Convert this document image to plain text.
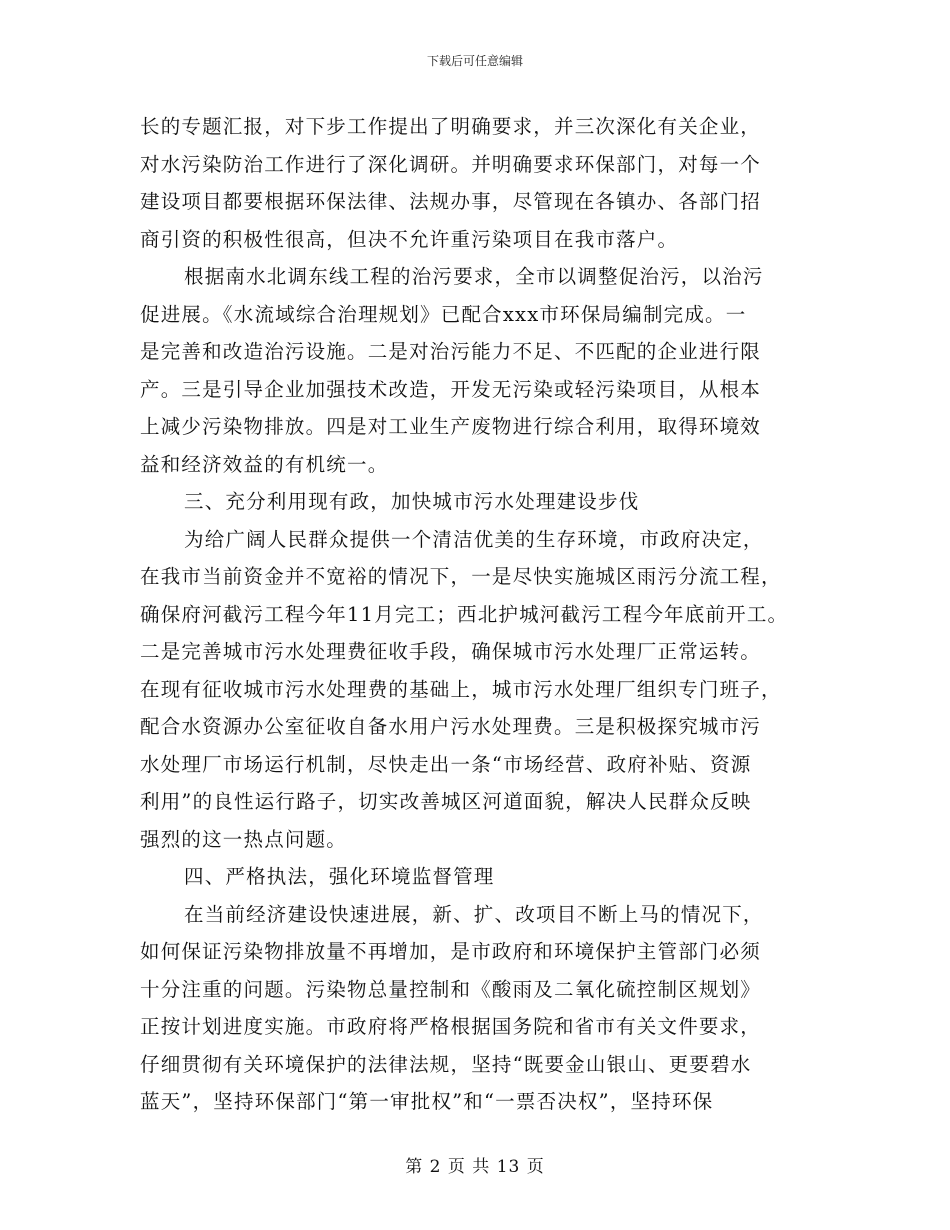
下载后可任意编辑
长的专题汇报，对下步工作提出了明确要求，并三次深化有关企业，
对水污染防治工作进行了深化调研。并明确要求环保部门，对每一个
建设项目都要根据环保法律、法规办事，尽管现在各镇办、各部门招
商引资的积极性很高，但决不允许重污染项目在我市落户。
根据南水北调东线工程的治污要求，全市以调整促治污，以治污
促进展。《水流域综合治理规划》已配合xxx市环保局编制完成。一
是完善和改造治污设施。二是对治污能力不足、不匹配的企业进行限
产。三是引导企业加强技术改造，开发无污染或轻污染项目，从根本
上减少污染物排放。四是对工业生产废物进行综合利用，取得环境效
益和经济效益的有机统一。
三、充分利用现有政，加快城市污水处理建设步伐
为给广阔人民群众提供一个清洁优美的生存环境，市政府决定，
在我市当前资金并不宽裕的情况下，一是尽快实施城区雨污分流工程，
确保府河截污工程今年11月完工；西北护城河截污工程今年底前开工。
二是完善城市污水处理费征收手段，确保城市污水处理厂正常运转。
在现有征收城市污水处理费的基础上，城市污水处理厂组织专门班子，
配合水资源办公室征收自备水用户污水处理费。三是积极探究城市污
水处理厂市场运行机制，尽快走出一条“市场经营、政府补贴、资源
利用”的良性运行路子，切实改善城区河道面貌，解决人民群众反映
强烈的这一热点问题。
四、严格执法，强化环境监督管理
在当前经济建设快速进展，新、扩、改项目不断上马的情况下，
如何保证污染物排放量不再增加，是市政府和环境保护主管部门必须
十分注重的问题。污染物总量控制和《酸雨及二氧化硫控制区规划》
正按计划进度实施。市政府将严格根据国务院和省市有关文件要求，
仔细贯彻有关环境保护的法律法规，坚持“既要金山银山、更要碧水
蓝天”，坚持环保部门“第一审批权”和“一票否决权”，坚持环保
第 2 页 共 13 页
